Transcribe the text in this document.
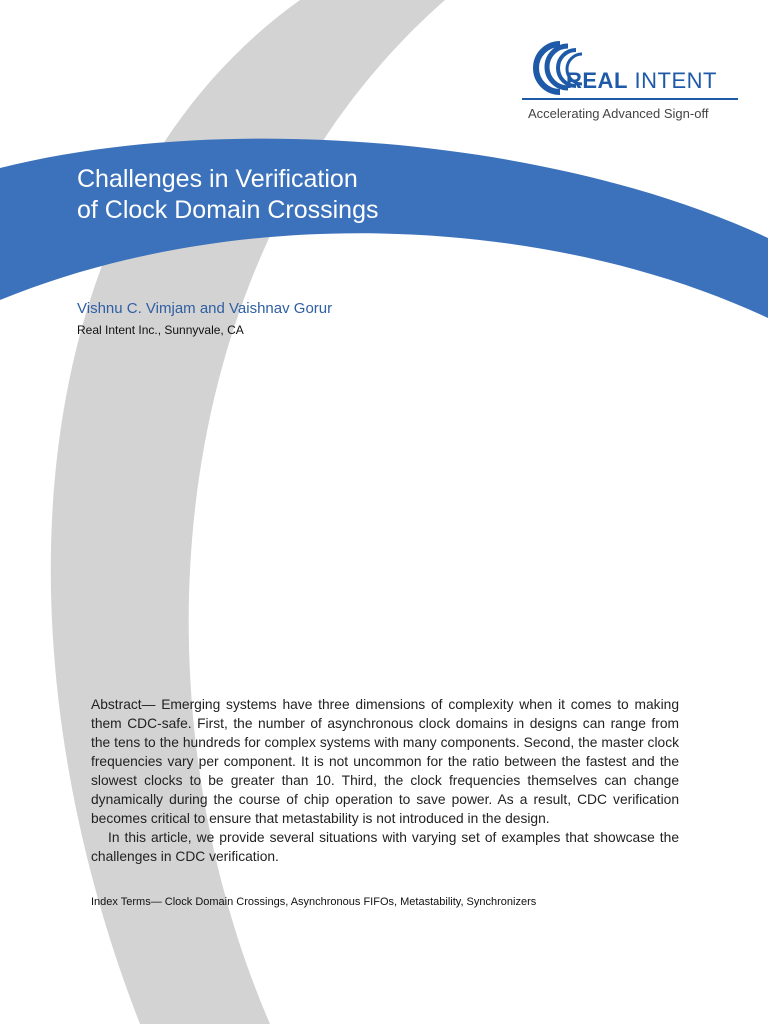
REAL INTENT
Accelerating Advanced Sign-off
Challenges in Verification
of Clock Domain Crossings
Vishnu C. Vimjam and Vaishnav Gorur
Real Intent Inc., Sunnyvale, CA

Abstract— Emerging systems have three dimensions of complexity when it comes to making them CDC-safe. First, the number of asynchronous clock domains in designs can range from the tens to the hundreds for complex systems with many components. Second, the master clock frequencies vary per component. It is not uncommon for the ratio between the fastest and the slowest clocks to be greater than 10. Third, the clock frequencies themselves can change dynamically during the course of chip operation to save power. As a result, CDC verification becomes critical to ensure that metastability is not introduced in the design.

In this article, we provide several situations with varying set of examples that showcase the challenges in CDC verification.

Index Terms— Clock Domain Crossings, Asynchronous FIFOs, Metastability, Synchronizers
